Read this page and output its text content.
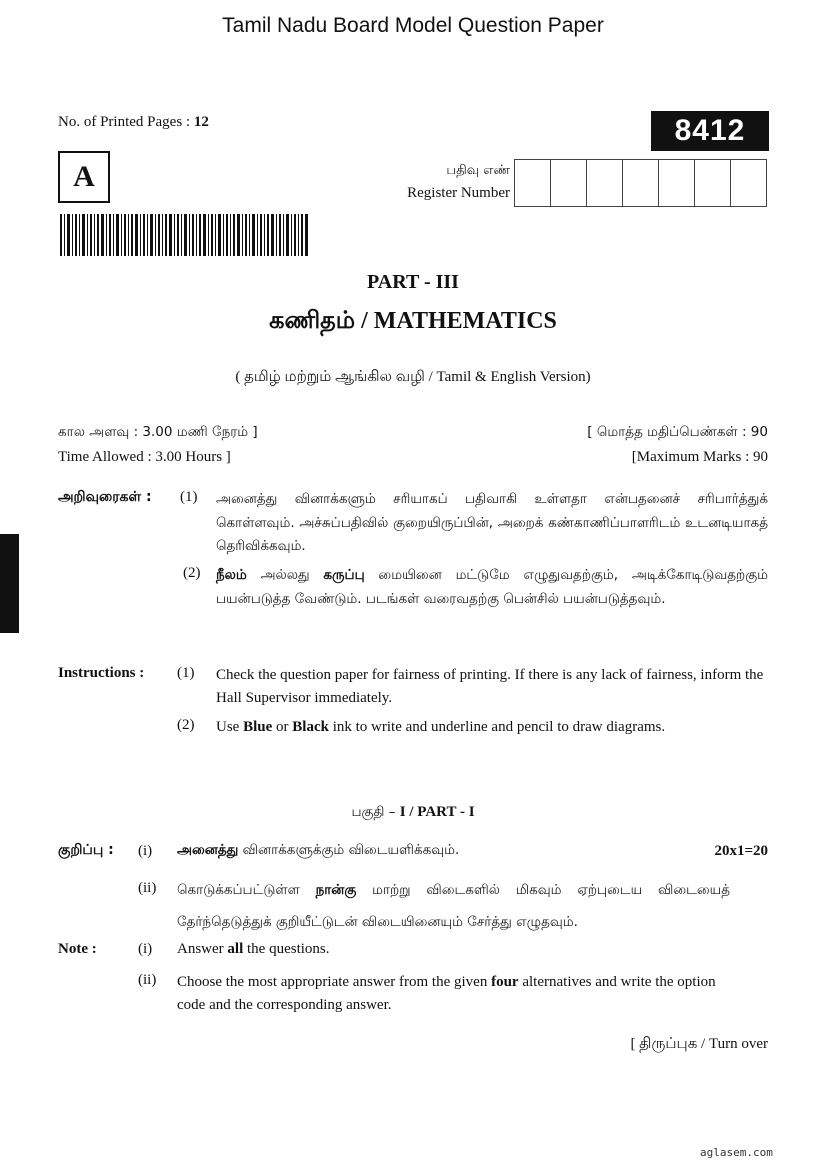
Tamil Nadu Board Model Question Paper
No. of Printed Pages : 12	8412
A	பதிவு எண்
Register Number
PART - III
கணிதம் / MATHEMATICS
( தமிழ் மற்றும் ஆங்கில வழி / Tamil & English Version)
கால அளவு : 3.00 மணி நேரம் ]	[ மொத்த மதிப்பெண்கள் : 90
Time Allowed : 3.00 Hours ]	[Maximum Marks : 90
அறிவுரைகள் : (1) அனைத்து வினாக்களும் சரியாகப் பதிவாகி உள்ளதா என்பதனைச் சரிபார்த்துக் கொள்ளவும். அச்சுப்பதிவில் குறையிருப்பின், அறைக் கண்காணிப்பாளரிடம் உடனடியாகத் தெரிவிக்கவும்.
(2) நீலம் அல்லது கருப்பு மையினை மட்டுமே எழுதுவதற்கும், அடிக்கோடிடுவதற்கும் பயன்படுத்த வேண்டும். படங்கள் வரைவதற்கு பென்சில் பயன்படுத்தவும்.
Instructions : (1) Check the question paper for fairness of printing. If there is any lack of fairness, inform the Hall Supervisor immediately.
(2) Use Blue or Black ink to write and underline and pencil to draw diagrams.
பகுதி – I / PART - I
குறிப்பு : (i) அனைத்து வினாக்களுக்கும் விடையளிக்கவும்.	20x1=20
(ii) கொடுக்கப்பட்டுள்ள நான்கு மாற்று விடைகளில் மிகவும் ஏற்புடைய விடையைத் தேர்ந்தெடுத்துக் குறியீட்டுடன் விடையினையும் சேர்த்து எழுதவும்.
Note :	(i) Answer all the questions.
(ii) Choose the most appropriate answer from the given four alternatives and write the option code and the corresponding answer.
[ திருப்புக / Turn over
aglasem.com
